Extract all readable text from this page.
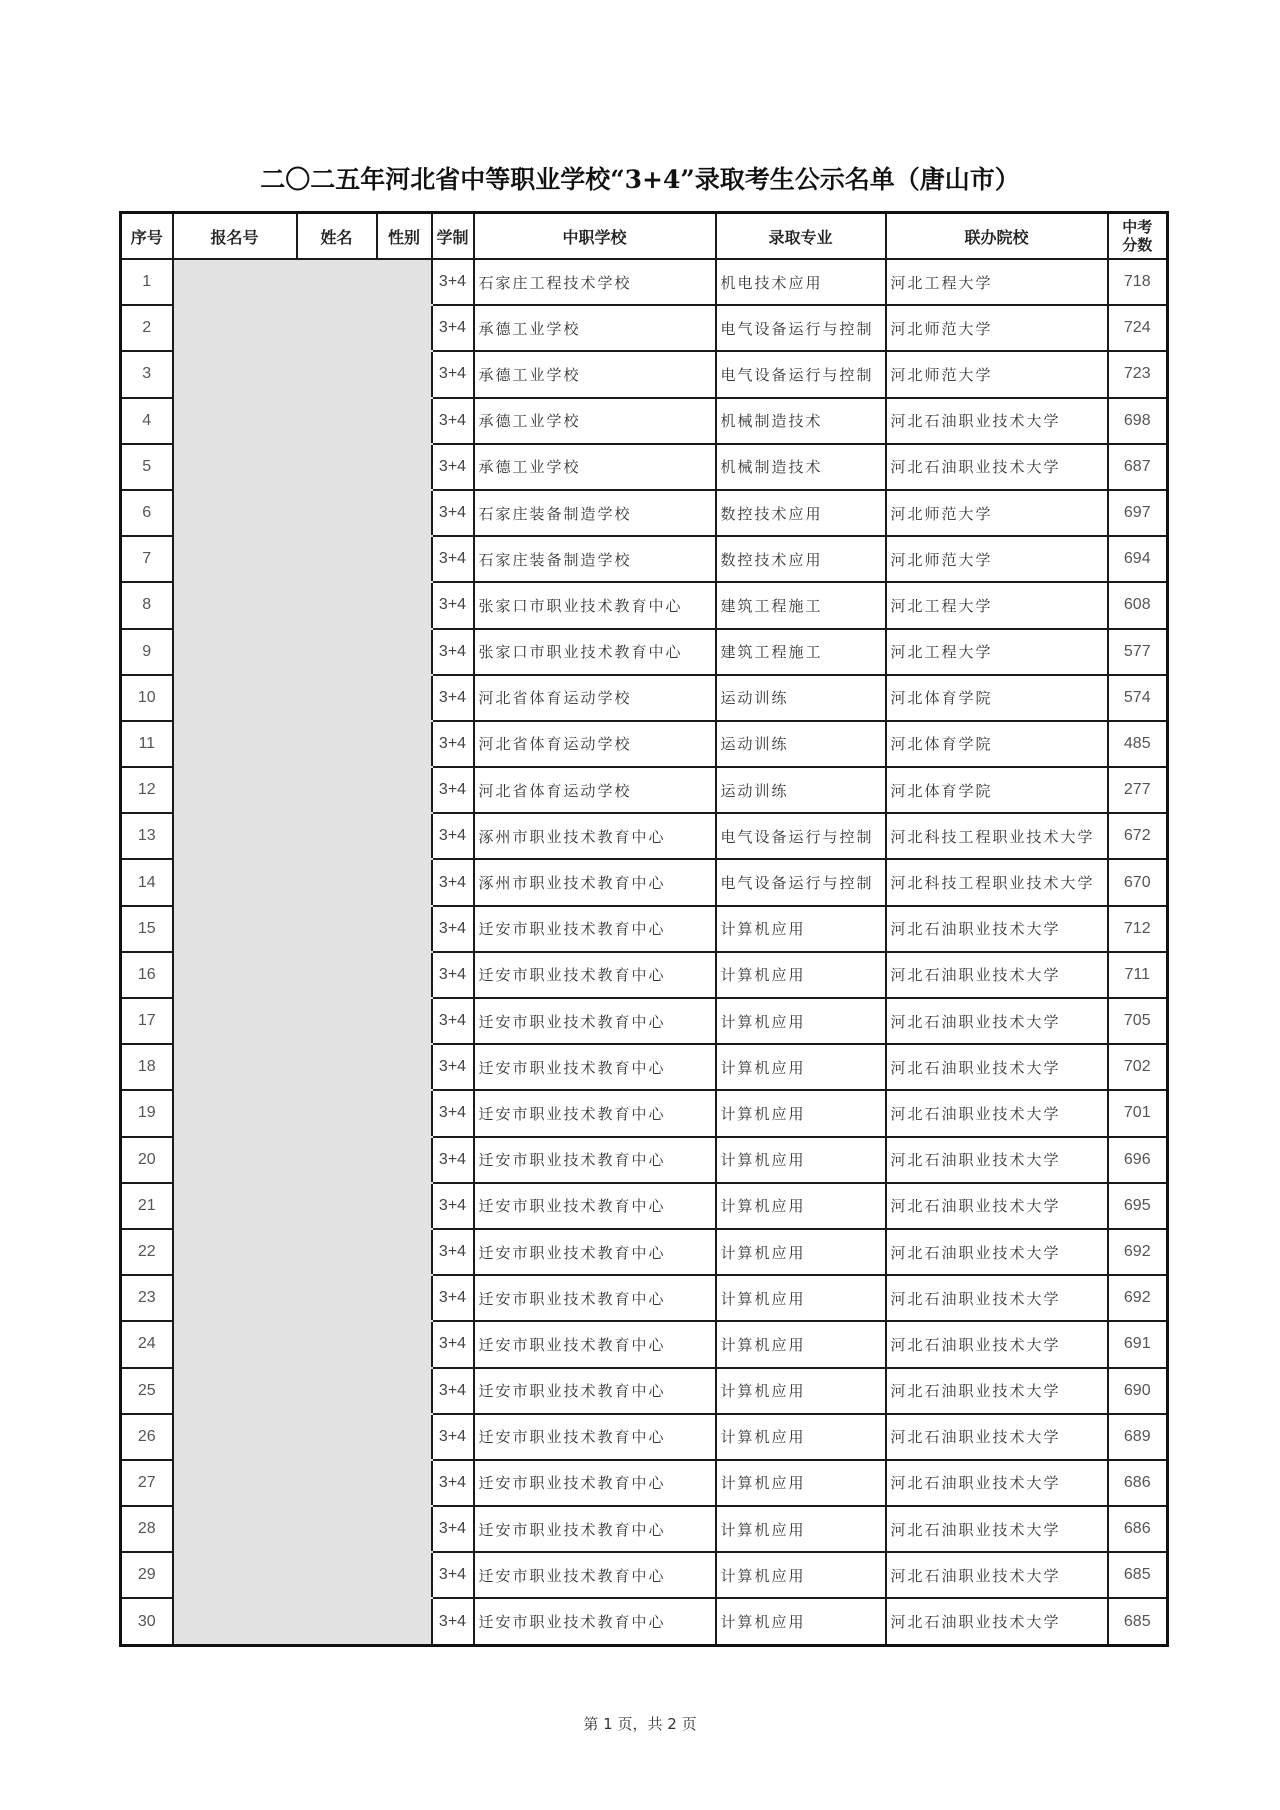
二〇二五年河北省中等职业学校“3+4”录取考生公示名单（唐山市）
序号	报名号	姓名	性别	学制	中职学校	录取专业	联办院校	中考
分数
1				3+4	石家庄工程技术学校	机电技术应用	河北工程大学	718
2				3+4	承德工业学校	电气设备运行与控制	河北师范大学	724
3				3+4	承德工业学校	电气设备运行与控制	河北师范大学	723
4				3+4	承德工业学校	机械制造技术	河北石油职业技术大学	698
5				3+4	承德工业学校	机械制造技术	河北石油职业技术大学	687
6				3+4	石家庄装备制造学校	数控技术应用	河北师范大学	697
7				3+4	石家庄装备制造学校	数控技术应用	河北师范大学	694
8				3+4	张家口市职业技术教育中心	建筑工程施工	河北工程大学	608
9				3+4	张家口市职业技术教育中心	建筑工程施工	河北工程大学	577
10				3+4	河北省体育运动学校	运动训练	河北体育学院	574
11				3+4	河北省体育运动学校	运动训练	河北体育学院	485
12				3+4	河北省体育运动学校	运动训练	河北体育学院	277
13				3+4	涿州市职业技术教育中心	电气设备运行与控制	河北科技工程职业技术大学	672
14				3+4	涿州市职业技术教育中心	电气设备运行与控制	河北科技工程职业技术大学	670
15				3+4	迁安市职业技术教育中心	计算机应用	河北石油职业技术大学	712
16				3+4	迁安市职业技术教育中心	计算机应用	河北石油职业技术大学	711
17				3+4	迁安市职业技术教育中心	计算机应用	河北石油职业技术大学	705
18				3+4	迁安市职业技术教育中心	计算机应用	河北石油职业技术大学	702
19				3+4	迁安市职业技术教育中心	计算机应用	河北石油职业技术大学	701
20				3+4	迁安市职业技术教育中心	计算机应用	河北石油职业技术大学	696
21				3+4	迁安市职业技术教育中心	计算机应用	河北石油职业技术大学	695
22				3+4	迁安市职业技术教育中心	计算机应用	河北石油职业技术大学	692
23				3+4	迁安市职业技术教育中心	计算机应用	河北石油职业技术大学	692
24				3+4	迁安市职业技术教育中心	计算机应用	河北石油职业技术大学	691
25				3+4	迁安市职业技术教育中心	计算机应用	河北石油职业技术大学	690
26				3+4	迁安市职业技术教育中心	计算机应用	河北石油职业技术大学	689
27				3+4	迁安市职业技术教育中心	计算机应用	河北石油职业技术大学	686
28				3+4	迁安市职业技术教育中心	计算机应用	河北石油职业技术大学	686
29				3+4	迁安市职业技术教育中心	计算机应用	河北石油职业技术大学	685
30				3+4	迁安市职业技术教育中心	计算机应用	河北石油职业技术大学	685
第 1 页，共 2 页
